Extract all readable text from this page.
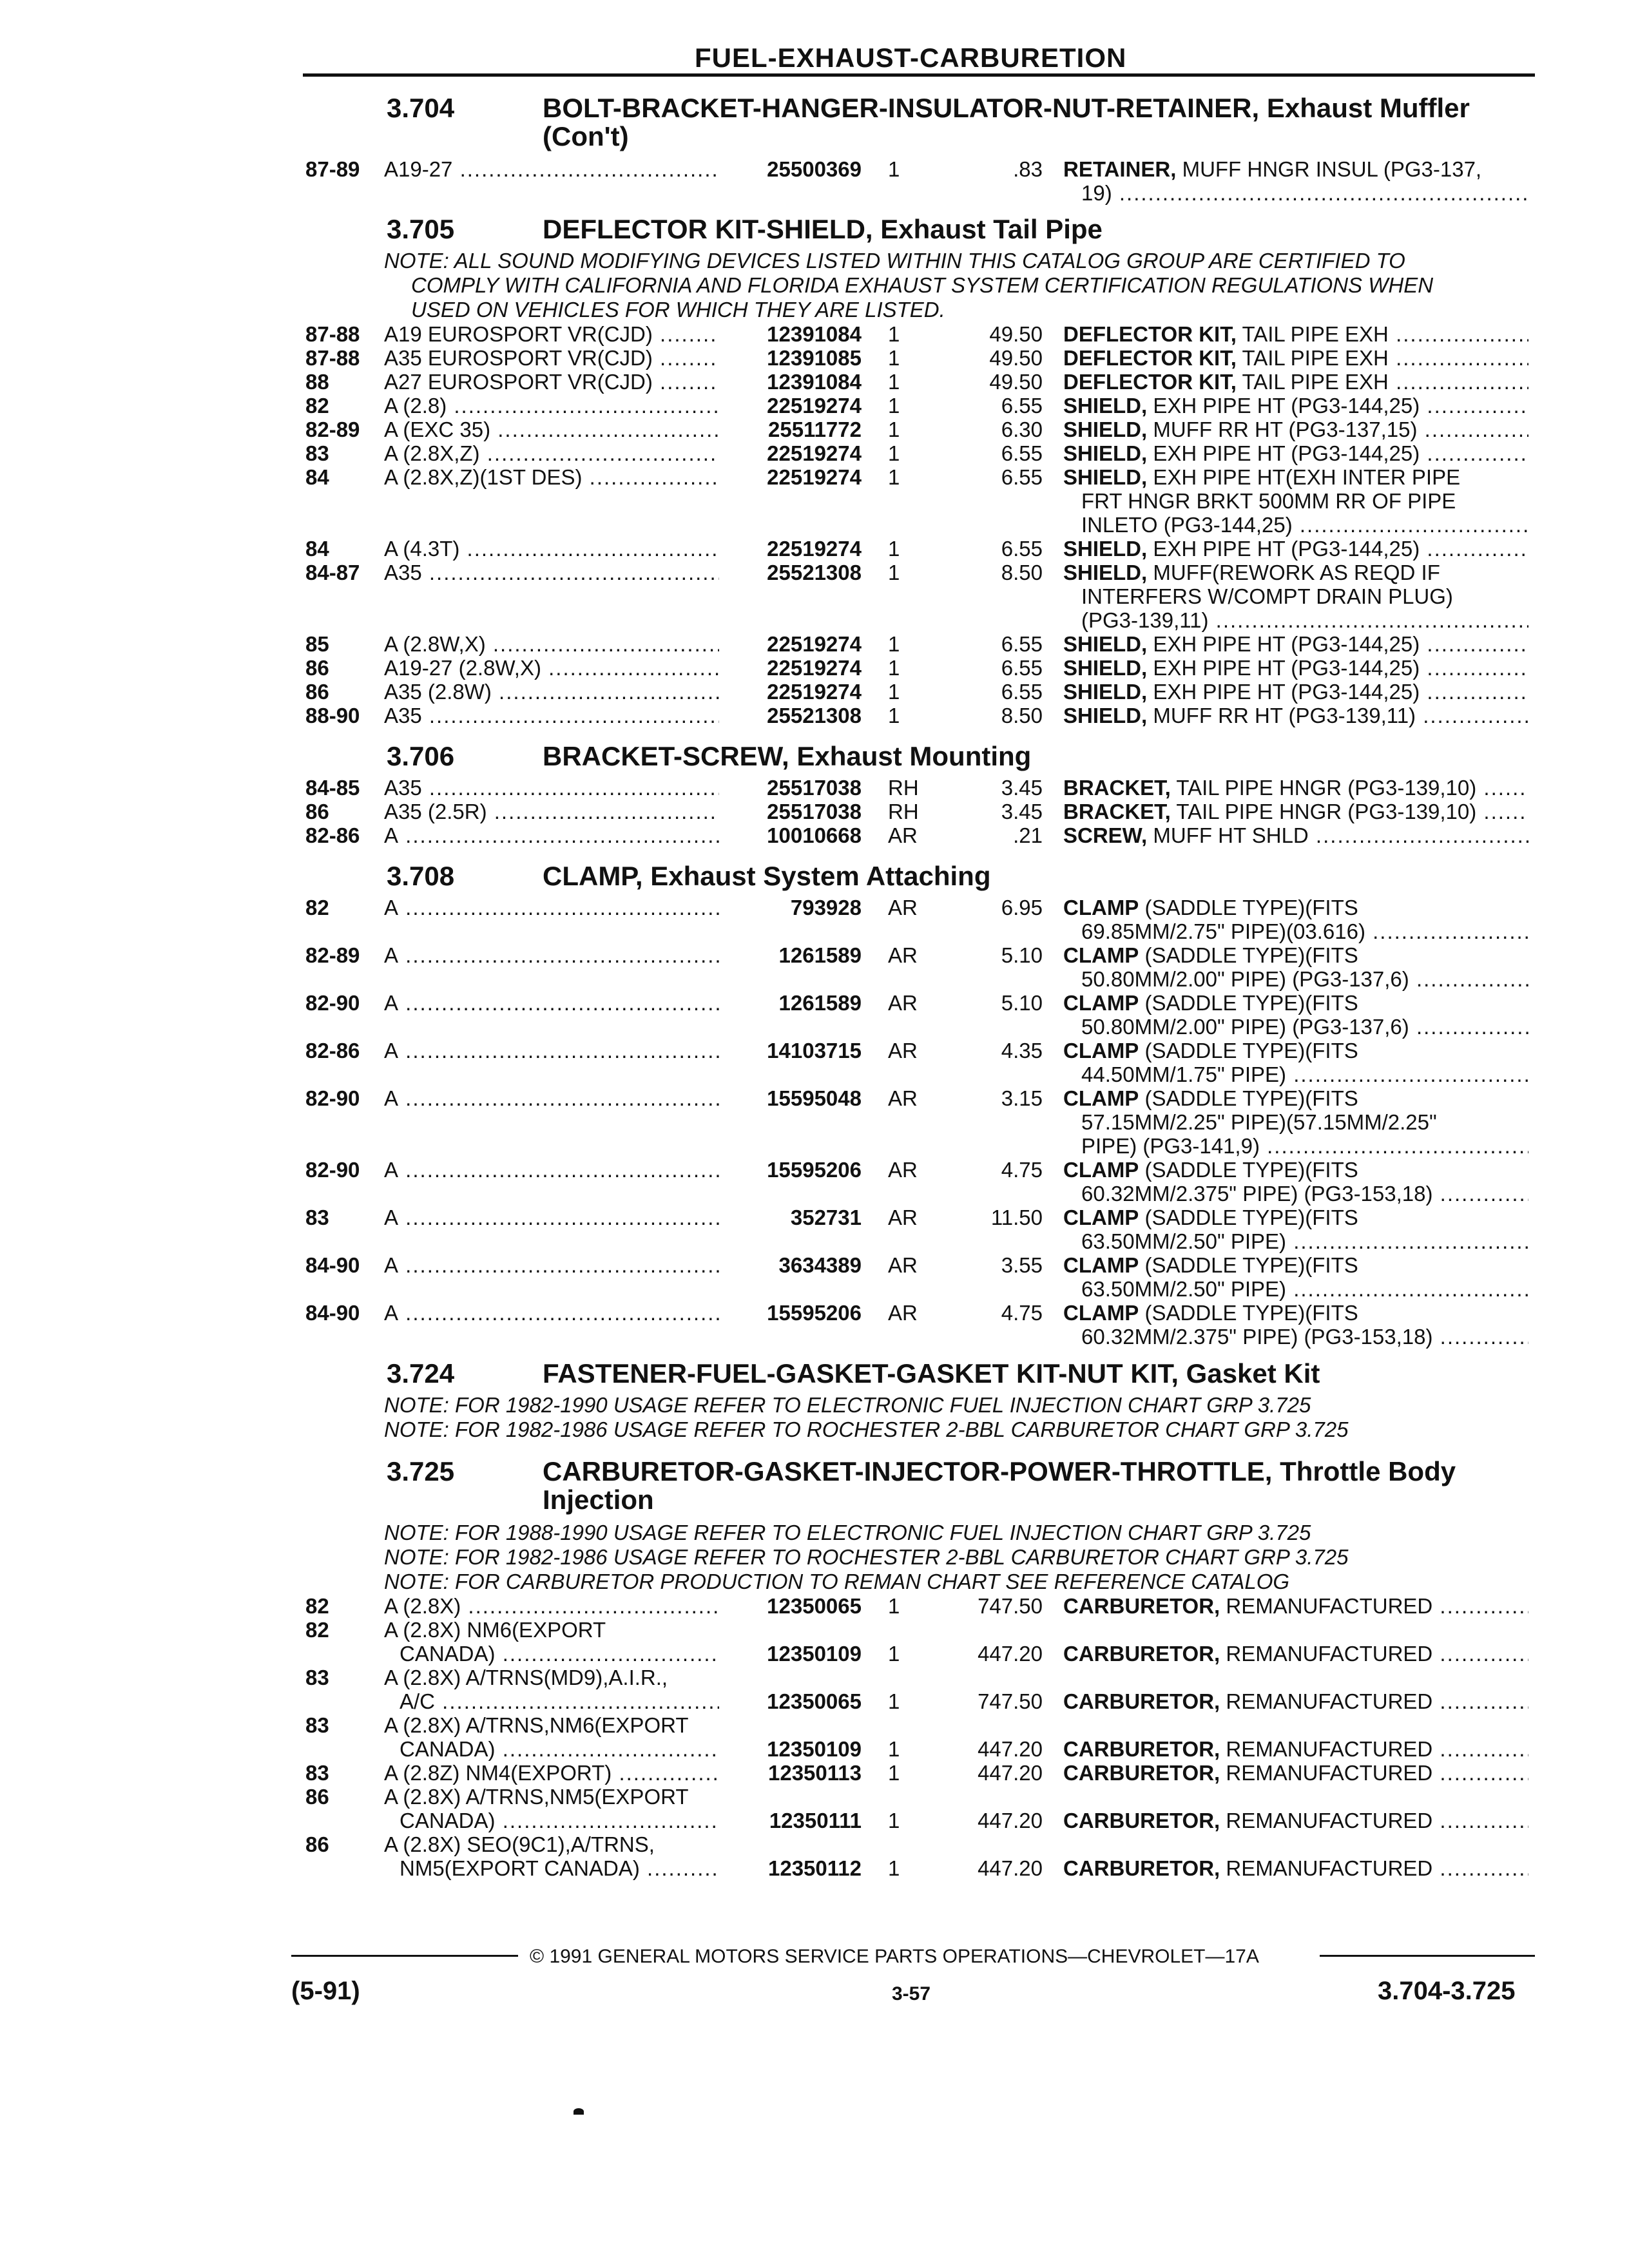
FUEL-EXHAUST-CARBURETION
3.704	BOLT-BRACKET-HANGER-INSULATOR-NUT-RETAINER, Exhaust Muffler (Con't)
87-89 A19-27 .....	25500369 1	.83 RETAINER, MUFF HNGR INSUL (PG3-137,
19) .....
3.705	DEFLECTOR KIT-SHIELD, Exhaust Tail Pipe
NOTE: ALL SOUND MODIFYING DEVICES LISTED WITHIN THIS CATALOG GROUP ARE CERTIFIED TO
COMPLY WITH CALIFORNIA AND FLORIDA EXHAUST SYSTEM CERTIFICATION REGULATIONS WHEN
USED ON VEHICLES FOR WHICH THEY ARE LISTED.
87-88 A19 EUROSPORT VR(CJD) .....	12391084 1	49.50 DEFLECTOR KIT, TAIL PIPE EXH .....
87-88 A35 EUROSPORT VR(CJD) .....	12391085 1	49.50 DEFLECTOR KIT, TAIL PIPE EXH .....
88	A27 EUROSPORT VR(CJD) .....	12391084 1	49.50 DEFLECTOR KIT, TAIL PIPE EXH .....
82	A (2.8) .....	22519274 1	6.55 SHIELD, EXH PIPE HT (PG3-144,25) .....
82-89 A (EXC 35) .....	25511772 1	6.30 SHIELD, MUFF RR HT (PG3-137,15) .....
83	A (2.8X,Z) .....	22519274 1	6.55 SHIELD, EXH PIPE HT (PG3-144,25) .....
84	A (2.8X,Z)(1ST DES) .....	22519274 1	6.55 SHIELD, EXH PIPE HT(EXH INTER PIPE
FRT HNGR BRKT 500MM RR OF PIPE
INLETO (PG3-144,25) .....
84	A (4.3T) .....	22519274 1	6.55 SHIELD, EXH PIPE HT (PG3-144,25) .....
84-87 A35 .....	25521308 1	8.50 SHIELD, MUFF(REWORK AS REQD IF
INTERFERS W/COMPT DRAIN PLUG)
(PG3-139,11) .....
85	A (2.8W,X) .....	22519274 1	6.55 SHIELD, EXH PIPE HT (PG3-144,25) .....
86	A19-27 (2.8W,X) .....	22519274 1	6.55 SHIELD, EXH PIPE HT (PG3-144,25) .....
86	A35 (2.8W) .....	22519274 1	6.55 SHIELD, EXH PIPE HT (PG3-144,25) .....
88-90 A35 .....	25521308 1	8.50 SHIELD, MUFF RR HT (PG3-139,11) .....
3.706	BRACKET-SCREW, Exhaust Mounting
84-85 A35 .....	25517038 RH	3.45 BRACKET, TAIL PIPE HNGR (PG3-139,10) .....
86	A35 (2.5R) .....	25517038 RH	3.45 BRACKET, TAIL PIPE HNGR (PG3-139,10) .....
82-86 A .....	10010668 AR	.21 SCREW, MUFF HT SHLD .....
3.708	CLAMP, Exhaust System Attaching
82	A .....	793928 AR	6.95 CLAMP (SADDLE TYPE)(FITS
69.85MM/2.75" PIPE)(03.616) .....
82-89 A .....	1261589 AR	5.10 CLAMP (SADDLE TYPE)(FITS
50.80MM/2.00" PIPE) (PG3-137,6) .....
82-90 A .....	1261589 AR	5.10 CLAMP (SADDLE TYPE)(FITS
50.80MM/2.00" PIPE) (PG3-137,6) .....
82-86 A .....	14103715 AR	4.35 CLAMP (SADDLE TYPE)(FITS
44.50MM/1.75" PIPE) .....
82-90 A .....	15595048 AR	3.15 CLAMP (SADDLE TYPE)(FITS
57.15MM/2.25" PIPE)(57.15MM/2.25"
PIPE) (PG3-141,9) .....
82-90 A .....	15595206 AR	4.75 CLAMP (SADDLE TYPE)(FITS
60.32MM/2.375" PIPE) (PG3-153,18) .....
83	A .....	352731 AR	11.50 CLAMP (SADDLE TYPE)(FITS
63.50MM/2.50" PIPE) .....
84-90 A .....	3634389 AR	3.55 CLAMP (SADDLE TYPE)(FITS
63.50MM/2.50" PIPE) .....
84-90 A .....	15595206 AR	4.75 CLAMP (SADDLE TYPE)(FITS
60.32MM/2.375" PIPE) (PG3-153,18) .....
3.724	FASTENER-FUEL-GASKET-GASKET KIT-NUT KIT, Gasket Kit
NOTE: FOR 1982-1990 USAGE REFER TO ELECTRONIC FUEL INJECTION CHART GRP 3.725
NOTE: FOR 1982-1986 USAGE REFER TO ROCHESTER 2-BBL CARBURETOR CHART GRP 3.725
3.725	CARBURETOR-GASKET-INJECTOR-POWER-THROTTLE, Throttle Body Injection
NOTE: FOR 1988-1990 USAGE REFER TO ELECTRONIC FUEL INJECTION CHART GRP 3.725
NOTE: FOR 1982-1986 USAGE REFER TO ROCHESTER 2-BBL CARBURETOR CHART GRP 3.725
NOTE: FOR CARBURETOR PRODUCTION TO REMAN CHART SEE REFERENCE CATALOG
82	A (2.8X) .....	12350065 1	747.50 CARBURETOR, REMANUFACTURED .....
82	A (2.8X) NM6(EXPORT
CANADA) .....	12350109 1	447.20 CARBURETOR, REMANUFACTURED .....
83	A (2.8X) A/TRNS(MD9),A.I.R.,
A/C .....	12350065 1	747.50 CARBURETOR, REMANUFACTURED .....
83	A (2.8X) A/TRNS,NM6(EXPORT
CANADA) .....	12350109 1	447.20 CARBURETOR, REMANUFACTURED .....
83	A (2.8Z) NM4(EXPORT) .....	12350113 1	447.20 CARBURETOR, REMANUFACTURED .....
86	A (2.8X) A/TRNS,NM5(EXPORT
CANADA) .....	12350111 1	447.20 CARBURETOR, REMANUFACTURED .....
86	A (2.8X) SEO(9C1),A/TRNS,
NM5(EXPORT CANADA) .....	12350112 1	447.20 CARBURETOR, REMANUFACTURED .....
© 1991 GENERAL MOTORS SERVICE PARTS OPERATIONS—CHEVROLET—17A
(5-91)	3-57	3.704-3.725
